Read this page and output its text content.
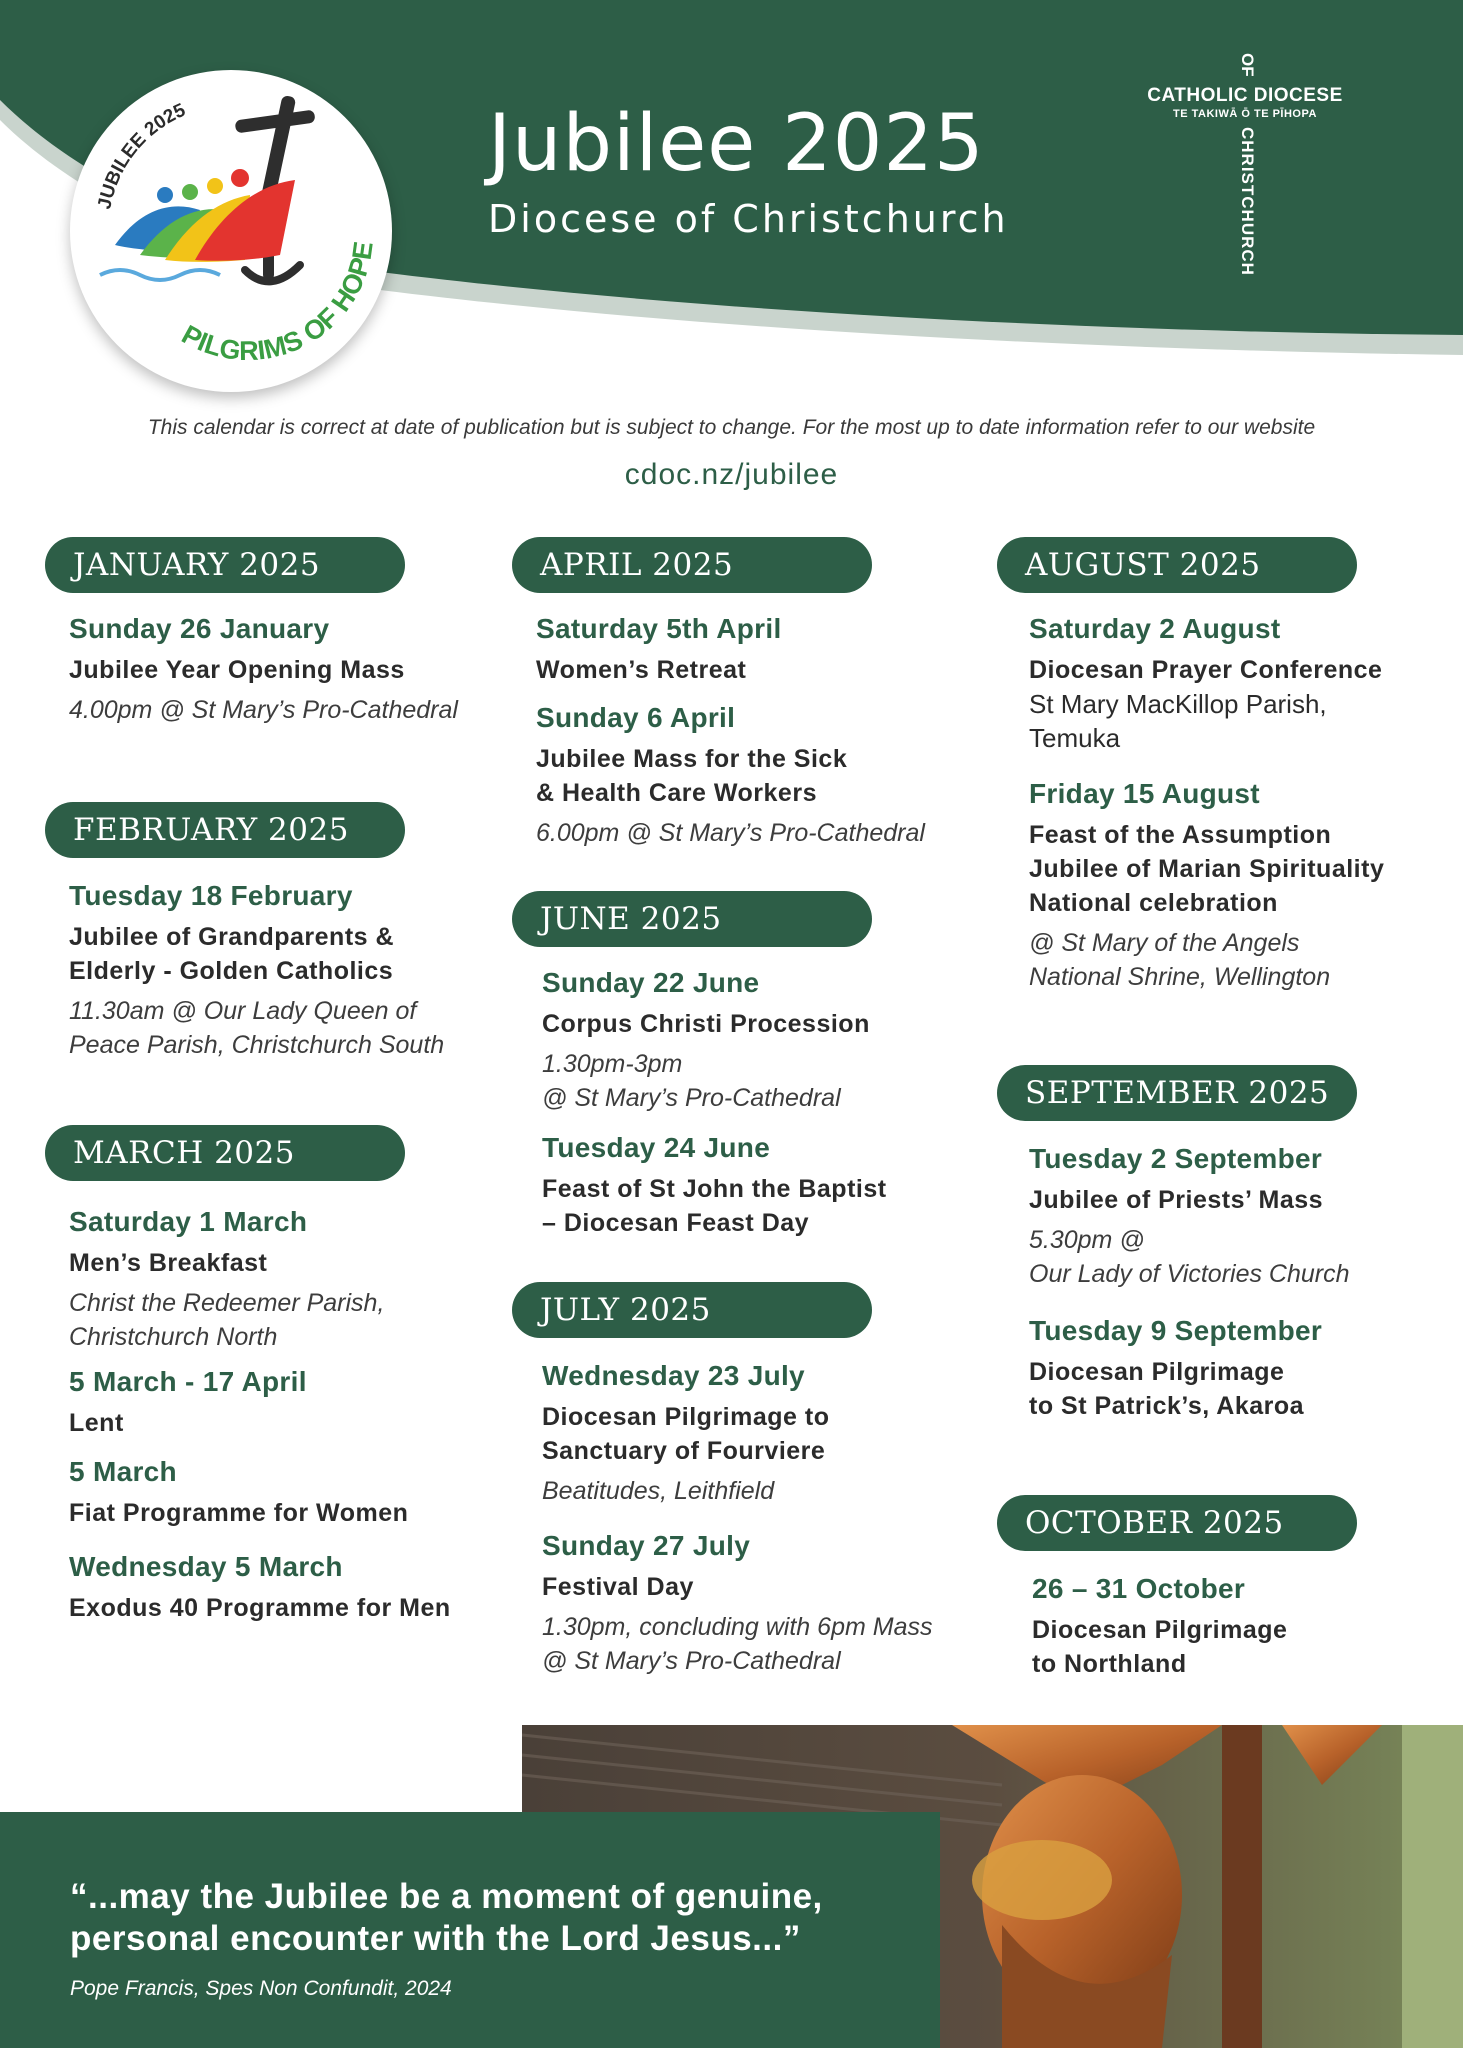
JUBILEE 2025
PILGRIMS OF HOPE
Jubilee 2025
Diocese of Christchurch
OF
CATHOLIC DIOCESE
TE TAKIWĀ Ō TE PĪHOPA
CHRISTCHURCH
This calendar is correct at date of publication but is subject to change. For the most up to date information refer to our website
cdoc.nz/jubilee
JANUARY 2025
Sunday 26 January
Jubilee Year Opening Mass
4.00pm @ St Mary’s Pro-Cathedral
FEBRUARY 2025
Tuesday 18 February
Jubilee of Grandparents &
Elderly - Golden Catholics
11.30am @ Our Lady Queen of
Peace Parish, Christchurch South
MARCH 2025
Saturday 1 March
Men’s Breakfast
Christ the Redeemer Parish,
Christchurch North
5 March - 17 April
Lent
5 March
Fiat Programme for Women
Wednesday 5 March
Exodus 40 Programme for Men
APRIL 2025
Saturday 5th April
Women’s Retreat
Sunday 6 April
Jubilee Mass for the Sick
& Health Care Workers
6.00pm @ St Mary’s Pro-Cathedral
JUNE 2025
Sunday 22 June
Corpus Christi Procession
1.30pm-3pm
@ St Mary’s Pro-Cathedral
Tuesday 24 June
Feast of St John the Baptist
– Diocesan Feast Day
JULY 2025
Wednesday 23 July
Diocesan Pilgrimage to
Sanctuary of Fourviere
Beatitudes, Leithfield
Sunday 27 July
Festival Day
1.30pm, concluding with 6pm Mass
@ St Mary’s Pro-Cathedral
AUGUST 2025
Saturday 2 August
Diocesan Prayer Conference
St Mary MacKillop Parish,
Temuka
Friday 15 August
Feast of the Assumption
Jubilee of Marian Spirituality
National celebration
@ St Mary of the Angels
National Shrine, Wellington
SEPTEMBER 2025
Tuesday 2 September
Jubilee of Priests’ Mass
5.30pm @
Our Lady of Victories Church
Tuesday 9 September
Diocesan Pilgrimage
to St Patrick’s, Akaroa
OCTOBER 2025
26 – 31 October
Diocesan Pilgrimage
to Northland
“...may the Jubilee be a moment of genuine,
personal encounter with the Lord Jesus...”
Pope Francis, Spes Non Confundit, 2024
